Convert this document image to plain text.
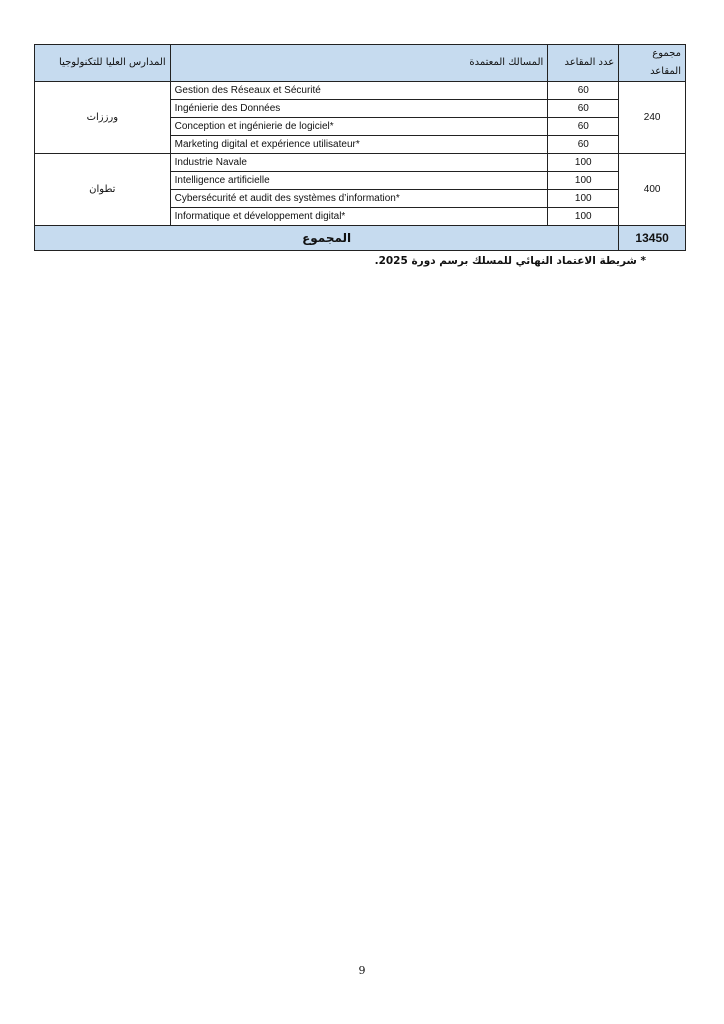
مجموع المقاعد	عدد المقاعد	المسالك المعتمدة	المدارس العليا للتكنولوجيا
240	60	Gestion des Réseaux et Sécurité	ورززات
	60	Ingénierie des Données	
	60	Conception et ingénierie de logiciel*	
	60	Marketing digital et expérience utilisateur*	
400	100	Industrie Navale	تطوان
	100	Intelligence artificielle	
	100	Cybersécurité et audit des systèmes d’information*	
	100	Informatique et développement digital*	
13450	المجموع		
* شريطة الاعتماد النهائي للمسلك برسم دورة 2025.
9
